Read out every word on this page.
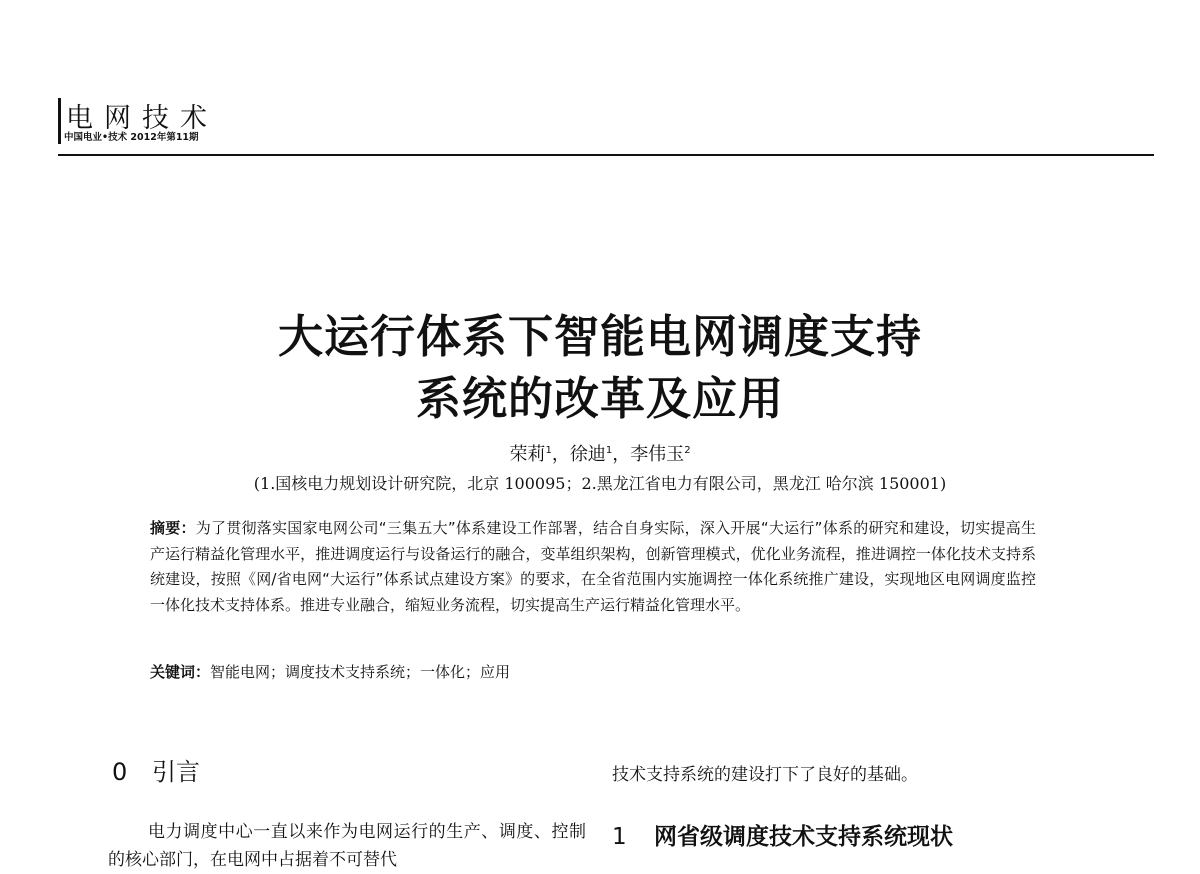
电网技术
中国电业•技术 2012年第11期
大运行体系下智能电网调度支持
系统的改革及应用
荣莉$^1$，徐迪$^1$，李伟玉$^2$
(1.国核电力规划设计研究院，北京 100095；2.黑龙江省电力有限公司，黑龙江 哈尔滨 150001)
摘要：为了贯彻落实国家电网公司“三集五大”体系建设工作部署，结合自身实际，深入开展“大运行”体系的研究和建设，切实提高生产运行精益化管理水平，推进调度运行与设备运行的融合，变革组织架构，创新管理模式，优化业务流程，推进调控一体化技术支持系统建设，按照《网/省电网“大运行”体系试点建设方案》的要求，在全省范围内实施调控一体化系统推广建设，实现地区电网调度监控一体化技术支持体系。推进专业融合，缩短业务流程，切实提高生产运行精益化管理水平。
关键词：智能电网；调度技术支持系统；一体化；应用
0 引言
电力调度中心一直以来作为电网运行的生产、调度、控制的核心部门，在电网中占据着不可替代
技术支持系统的建设打下了良好的基础。
1 网省级调度技术支持系统现状
